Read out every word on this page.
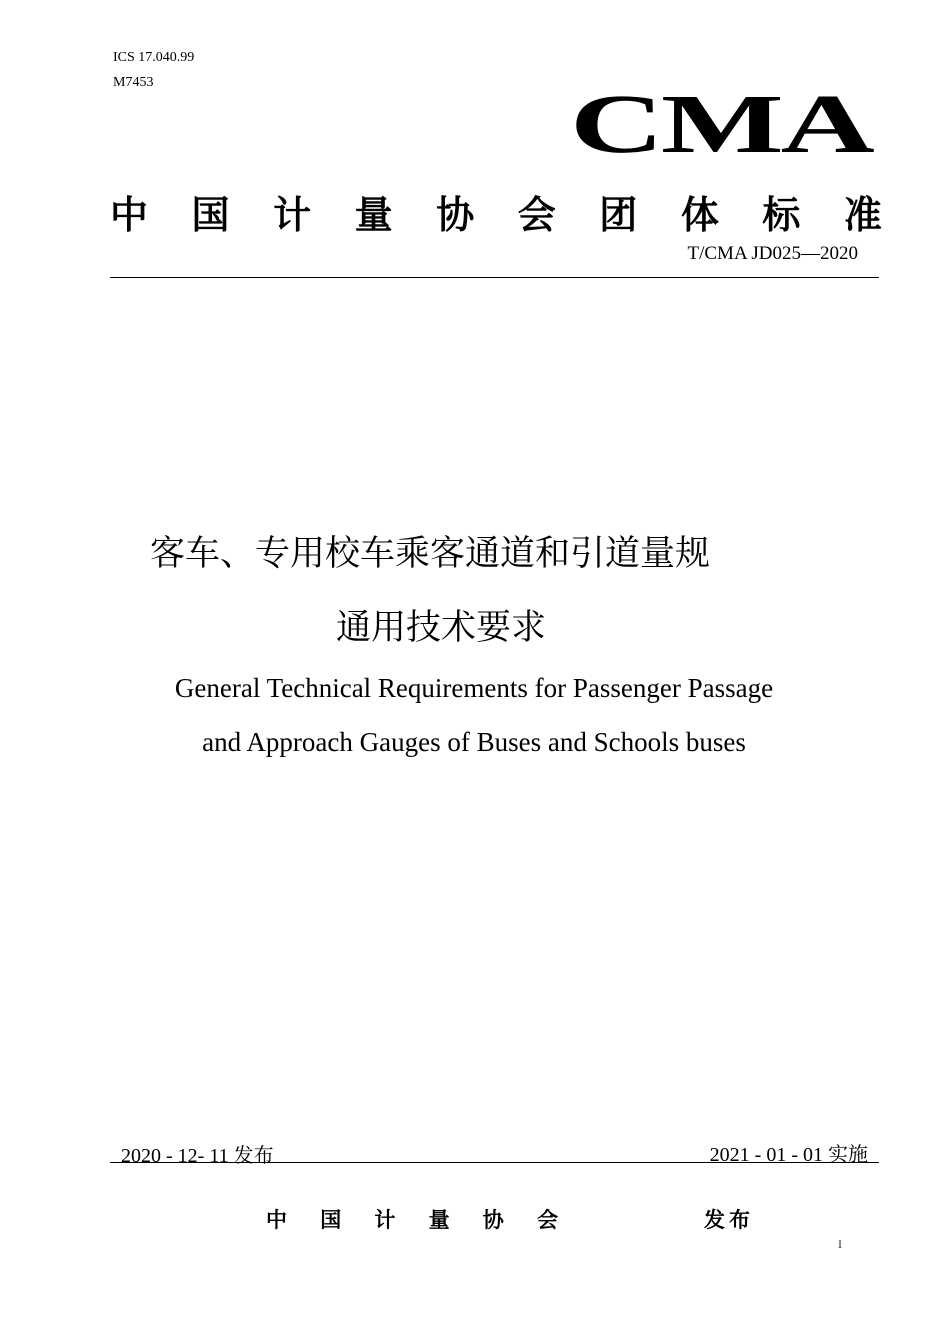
ICS 17.040.99
M7453	CMA
中 国 计 量 协 会 团 体 标 准
T/CMA JD025—2020
客车、专用校车乘客通道和引道量规
通用技术要求
General Technical Requirements for Passenger Passage
and Approach Gauges of Buses and Schools buses
2020 - 12- 11 发布	2021 - 01 - 01 实施
中 国 计 量 协 会	发布
I
